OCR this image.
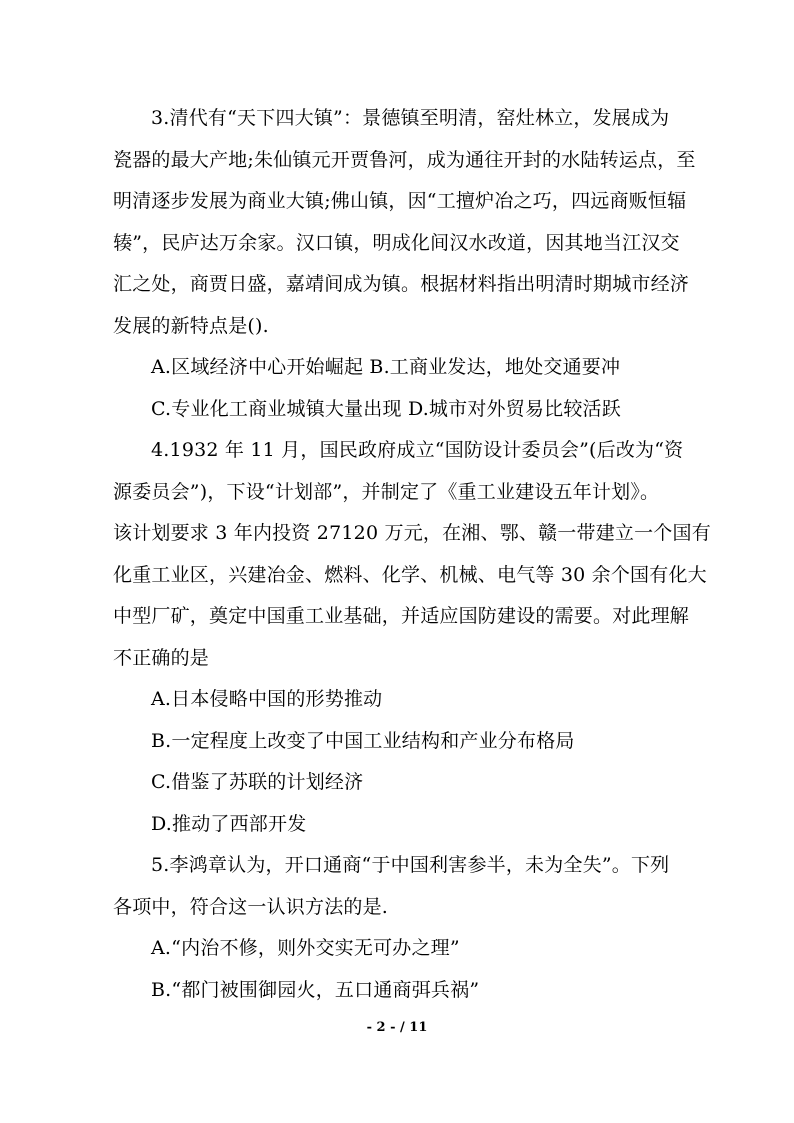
3.清代有“天下四大镇”：景德镇至明清，窑灶林立，发展成为
瓷器的最大产地;朱仙镇元开贾鲁河，成为通往开封的水陆转运点，至
明清逐步发展为商业大镇;佛山镇，因“工擅炉冶之巧，四远商贩恒辐
辏”，民庐达万余家。汉口镇，明成化间汉水改道，因其地当江汉交
汇之处，商贾日盛，嘉靖间成为镇。根据材料指出明清时期城市经济
发展的新特点是().
A.区域经济中心开始崛起 B.工商业发达，地处交通要冲
C.专业化工商业城镇大量出现 D.城市对外贸易比较活跃
4.1932 年 11 月，国民政府成立“国防设计委员会”(后改为“资
源委员会”)，下设“计划部”，并制定了《重工业建设五年计划》。
该计划要求 3 年内投资 27120 万元，在湘、鄂、赣一带建立一个国有
化重工业区，兴建冶金、燃料、化学、机械、电气等 30 余个国有化大
中型厂矿，奠定中国重工业基础，并适应国防建设的需要。对此理解
不正确的是
A.日本侵略中国的形势推动
B.一定程度上改变了中国工业结构和产业分布格局
C.借鉴了苏联的计划经济
D.推动了西部开发
5.李鸿章认为，开口通商“于中国利害参半，未为全失”。下列
各项中，符合这一认识方法的是.
A.“内治不修，则外交实无可办之理”
B.“都门被围御园火，五口通商弭兵祸”
- 2 - / 11
